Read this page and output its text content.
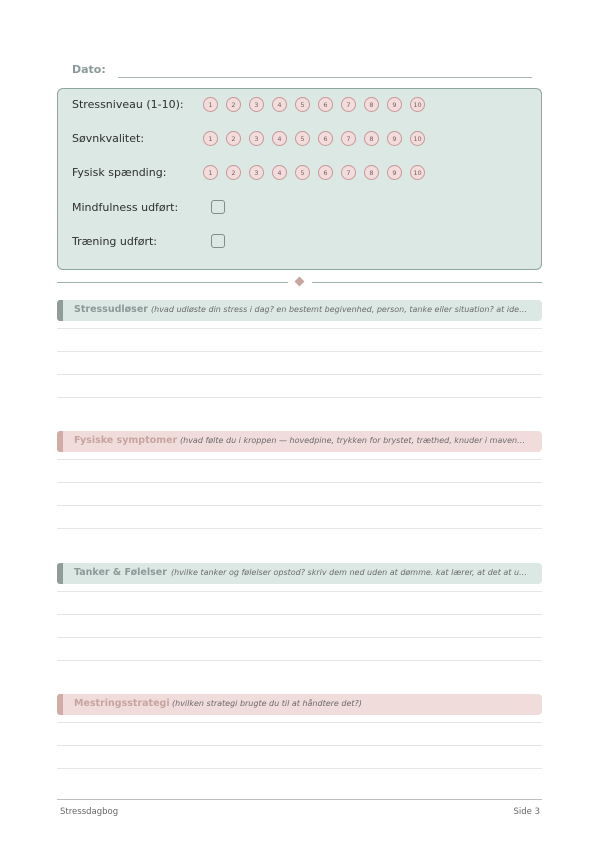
Dato:
Stressniveau (1-10):	1	2	3	4	5	6	7	8	9	10
Søvnkvalitet:	1	2	3	4	5	6	7	8	9	10
Fysisk spænding:	1	2	3	4	5	6	7	8	9	10
Mindfulness udført:
Træning udført:
Stressudløser (hvad udløste din stress i dag? en bestemt begivenhed, person, tanke eller situation? at ide…
Fysiske symptomer (hvad følte du i kroppen — hovedpine, trykken for brystet, træthed, knuder i maven…
Tanker & Følelser (hvilke tanker og følelser opstod? skriv dem ned uden at dømme. kat lærer, at det at u…
Mestringsstrategi (hvilken strategi brugte du til at håndtere det?)
Stressdagbog	Side 3
